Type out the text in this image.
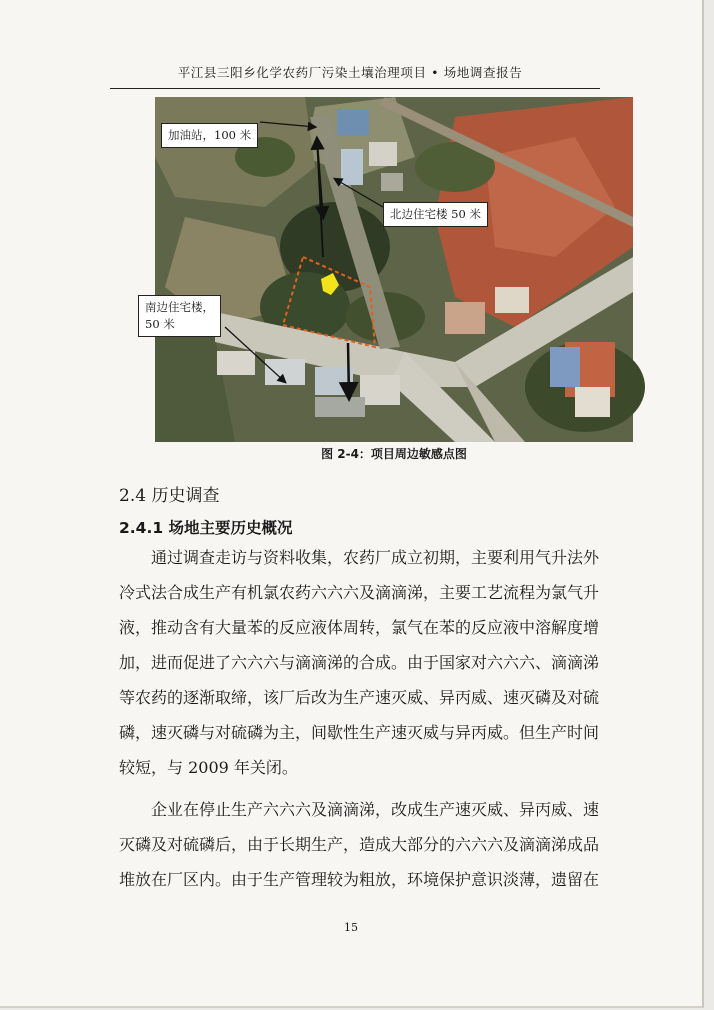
平江县三阳乡化学农药厂污染土壤治理项目 • 场地调查报告
加油站，100 米
北边住宅楼 50 米
南边住宅楼，
50 米
图 2-4：项目周边敏感点图
2.4 历史调查
2.4.1 场地主要历史概况

　　通过调查走访与资料收集，农药厂成立初期，主要利用气升法外
冷式法合成生产有机氯农药六六六及滴滴涕，主要工艺流程为氯气升
液，推动含有大量苯的反应液体周转，氯气在苯的反应液中溶解度增
加，进而促进了六六六与滴滴涕的合成。由于国家对六六六、滴滴涕
等农药的逐渐取缔，该厂后改为生产速灭威、异丙威、速灭磷及对硫
磷，速灭磷与对硫磷为主，间歇性生产速灭威与异丙威。但生产时间
较短，与 2009 年关闭。

　　企业在停止生产六六六及滴滴涕，改成生产速灭威、异丙威、速
灭磷及对硫磷后，由于长期生产，造成大部分的六六六及滴滴涕成品
堆放在厂区内。由于生产管理较为粗放，环境保护意识淡薄，遗留在

15
